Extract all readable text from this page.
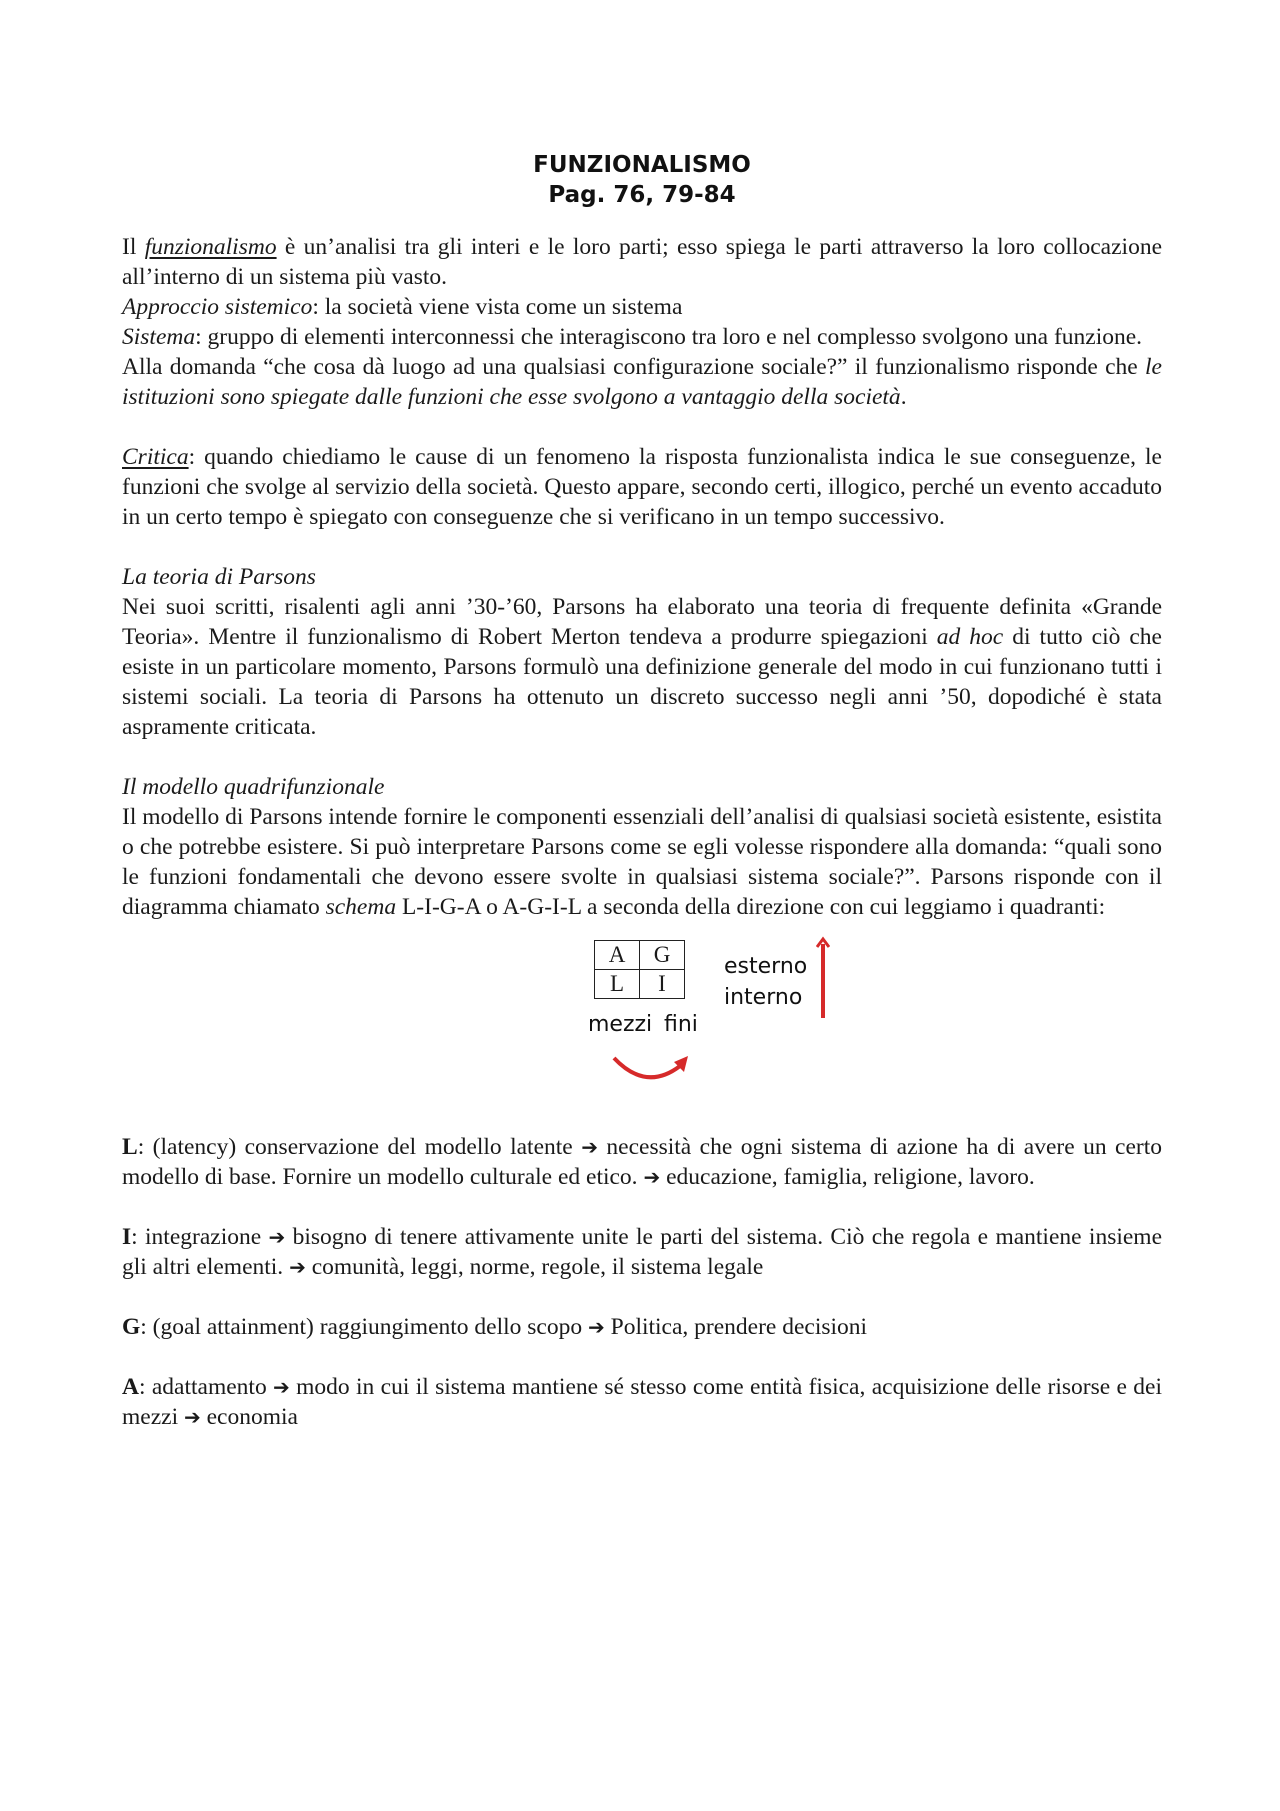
FUNZIONALISMO
Pag. 76, 79-84

Il funzionalismo è un’analisi tra gli interi e le loro parti; esso spiega le parti attraverso la loro collocazione all’interno di un sistema più vasto.

Approccio sistemico: la società viene vista come un sistema

Sistema: gruppo di elementi interconnessi che interagiscono tra loro e nel complesso svolgono una funzione.

Alla domanda “che cosa dà luogo ad una qualsiasi configurazione sociale?” il funzionalismo risponde che le istituzioni sono spiegate dalle funzioni che esse svolgono a vantaggio della società.

Critica: quando chiediamo le cause di un fenomeno la risposta funzionalista indica le sue conseguenze, le funzioni che svolge al servizio della società. Questo appare, secondo certi, illogico, perché un evento accaduto in un certo tempo è spiegato con conseguenze che si verificano in un tempo successivo.

La teoria di Parsons

Nei suoi scritti, risalenti agli anni ’30-’60, Parsons ha elaborato una teoria di frequente definita «Grande Teoria». Mentre il funzionalismo di Robert Merton tendeva a produrre spiegazioni ad hoc di tutto ciò che esiste in un particolare momento, Parsons formulò una definizione generale del modo in cui funzionano tutti i sistemi sociali. La teoria di Parsons ha ottenuto un discreto successo negli anni ’50, dopodiché è stata aspramente criticata.

Il modello quadrifunzionale

Il modello di Parsons intende fornire le componenti essenziali dell’analisi di qualsiasi società esistente, esistita o che potrebbe esistere. Si può interpretare Parsons come se egli volesse rispondere alla domanda: “quali sono le funzioni fondamentali che devono essere svolte in qualsiasi sistema sociale?”. Parsons risponde con il diagramma chiamato schema L-I-G-A o A-G-I-L a seconda della direzione con cui leggiamo i quadranti:

A	G
L	I
mezzi fini
esterno
interno

L: (latency) conservazione del modello latente ➔ necessità che ogni sistema di azione ha di avere un certo modello di base. Fornire un modello culturale ed etico. ➔ educazione, famiglia, religione, lavoro.

I: integrazione ➔ bisogno di tenere attivamente unite le parti del sistema. Ciò che regola e mantiene insieme gli altri elementi. ➔ comunità, leggi, norme, regole, il sistema legale

G: (goal attainment) raggiungimento dello scopo ➔ Politica, prendere decisioni

A: adattamento ➔ modo in cui il sistema mantiene sé stesso come entità fisica, acquisizione delle risorse e dei mezzi ➔ economia
